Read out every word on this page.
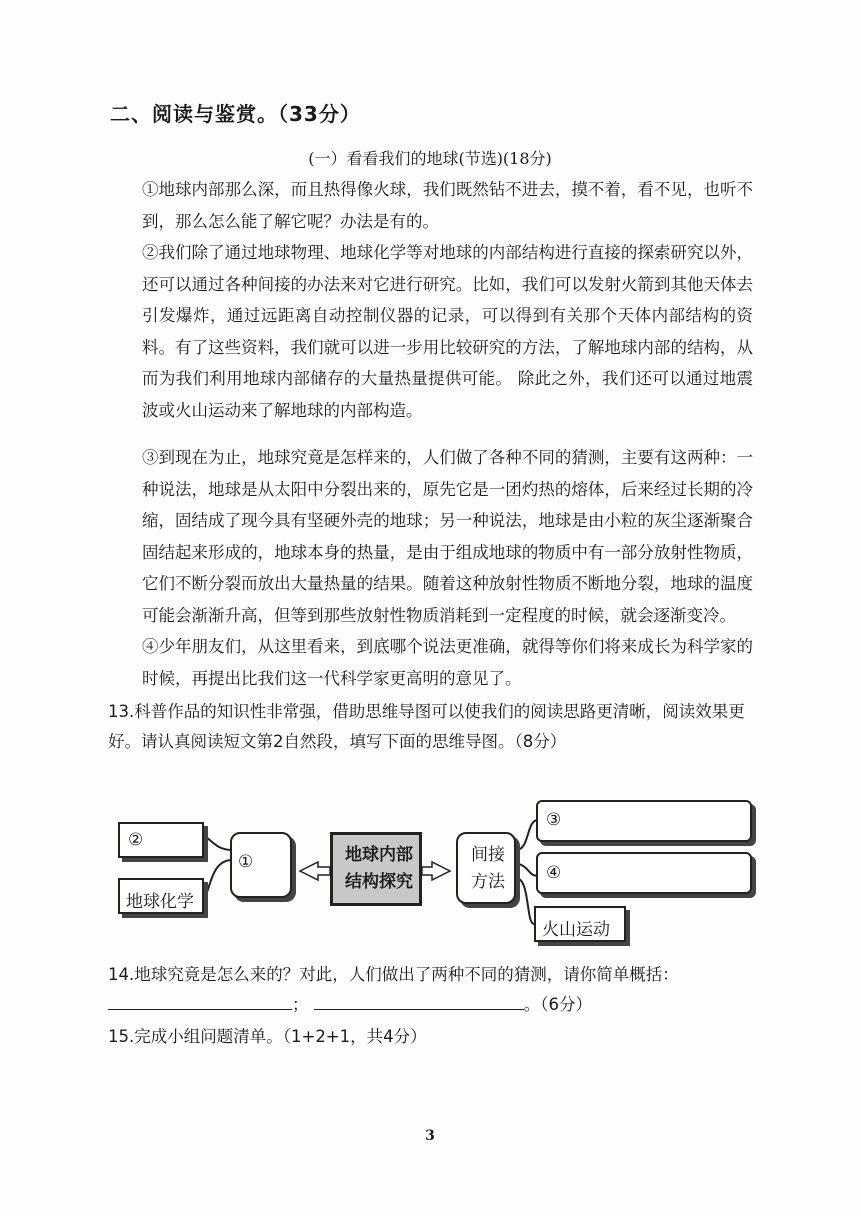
二、阅读与鉴赏。（33分）
(一）看看我们的地球(节选)(18分)
①地球内部那么深，而且热得像火球，我们既然钻不进去，摸不着，看不见，也听不到，那么怎么能了解它呢？办法是有的。
②我们除了通过地球物理、地球化学等对地球的内部结构进行直接的探索研究以外，还可以通过各种间接的办法来对它进行研究。比如，我们可以发射火箭到其他天体去引发爆炸，通过远距离自动控制仪器的记录，可以得到有关那个天体内部结构的资料。有了这些资料，我们就可以进一步用比较研究的方法，了解地球内部的结构，从而为我们利用地球内部储存的大量热量提供可能。 除此之外，我们还可以通过地震波或火山运动来了解地球的内部构造。
③到现在为止，地球究竟是怎样来的，人们做了各种不同的猜测，主要有这两种：一种说法，地球是从太阳中分裂出来的，原先它是一团灼热的熔体，后来经过长期的冷缩，固结成了现今具有坚硬外壳的地球；另一种说法，地球是由小粒的灰尘逐渐聚合固结起来形成的，地球本身的热量，是由于组成地球的物质中有一部分放射性物质，它们不断分裂而放出大量热量的结果。随着这种放射性物质不断地分裂，地球的温度可能会渐渐升高，但等到那些放射性物质消耗到一定程度的时候，就会逐渐变冷。
④少年朋友们，从这里看来，到底哪个说法更准确，就得等你们将来成长为科学家的时候，再提出比我们这一代科学家更高明的意见了。
13.科普作品的知识性非常强，借助思维导图可以使我们的阅读思路更清晰，阅读效果更好。请认真阅读短文第2自然段，填写下面的思维导图。（8分）
②
①
地球化学
地球内部结构探究
间接方法
③
④
火山运动
14.地球究竟是怎么来的？对此，人们做出了两种不同的猜测，请你简单概括：
；	。（6分）
15.完成小组问题清单。（1+2+1，共4分）
3
